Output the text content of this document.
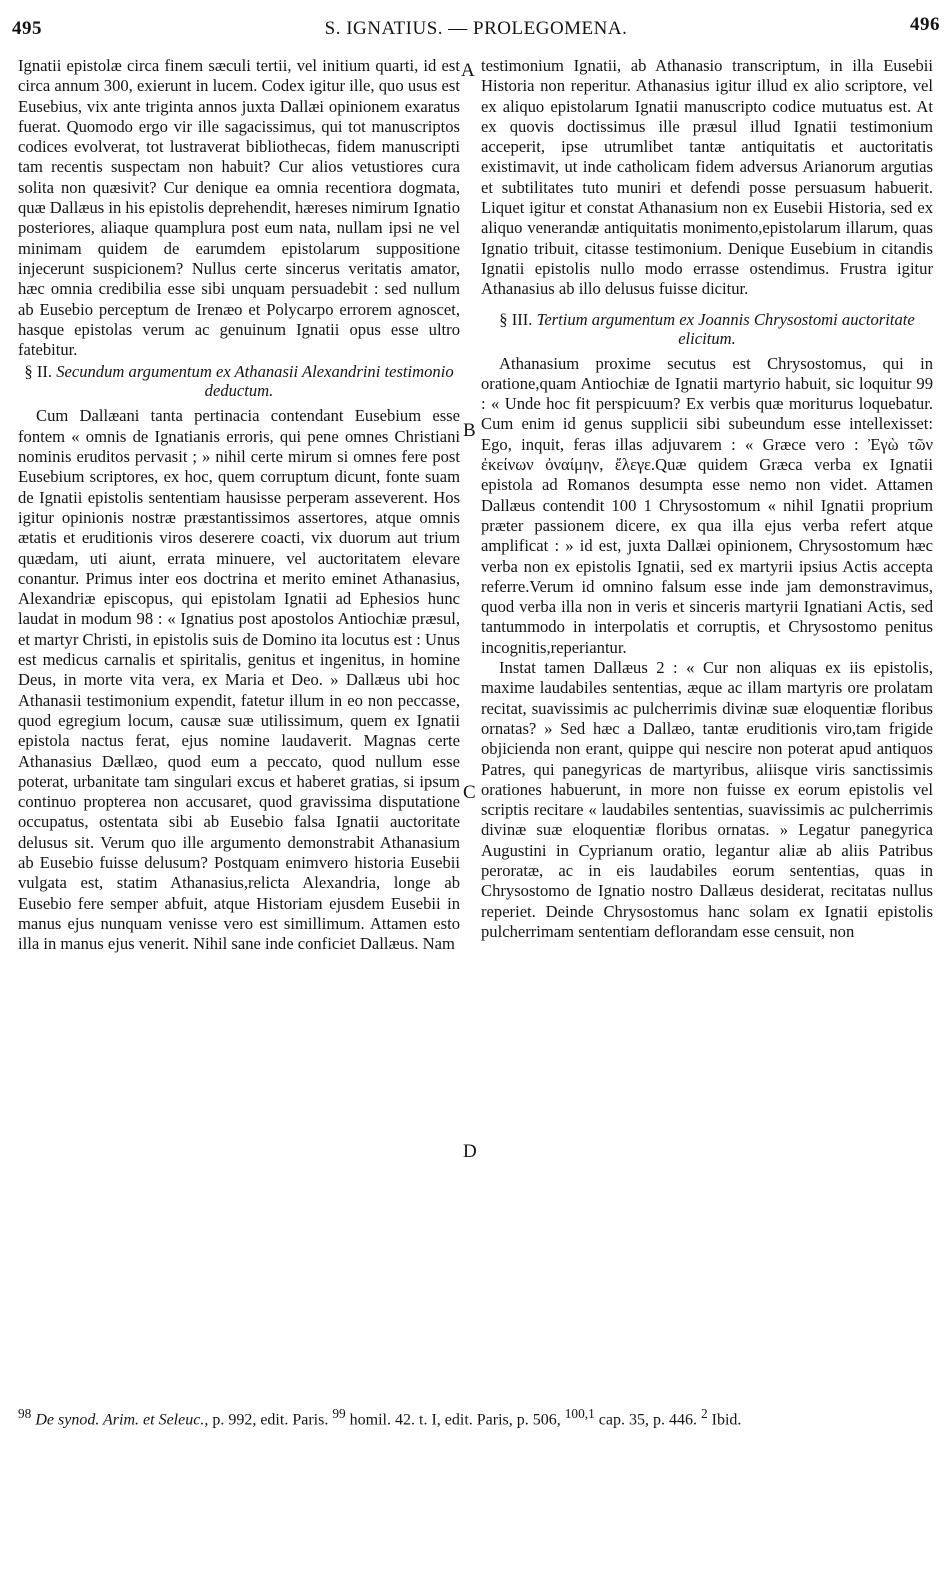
495	S. IGNATIUS. — PROLEGOMENA.	496

Ignatii epistolæ circa finem sæculi tertii, vel initium quarti, id est circa annum 300, exierunt in lucem. Codex igitur ille, quo usus est Eusebius, vix ante triginta annos juxta Dallæi opinionem exaratus fuerat. Quomodo ergo vir ille sagacissimus, qui tot manuscriptos codices evolverat, tot lustraverat bibliothecas, fidem manuscripti tam recentis suspectam non habuit? Cur alios vetustiores cura solita non quæsivit? Cur denique ea omnia recentiora dogmata, quæ Dallæus in his epistolis deprehendit, hæreses nimirum Ignatio posteriores, aliaque quamplura post eum nata, nullam ipsi ne vel minimam quidem de earumdem epistolarum suppositione injecerunt suspicionem? Nullus certe sincerus veritatis amator, hæc omnia credibilia esse sibi unquam persuadebit : sed nullum ab Eusebio perceptum de Irenæo et Polycarpo errorem agnoscet, hasque epistolas verum ac genuinum Ignatii opus esse ultro fatebitur.

§ II. Secundum argumentum ex Athanasii Alexandrini testimonio deductum.

Cum Dallæani tanta pertinacia contendant Eusebium esse fontem « omnis de Ignatianis erroris, qui pene omnes Christiani nominis eruditos pervasit ; » nihil certe mirum si omnes fere post Eusebium scriptores, ex hoc, quem corruptum dicunt, fonte suam de Ignatii epistolis sententiam hausisse perperam asseverent. Hos igitur opinionis nostræ præstantissimos assertores, atque omnis ætatis et eruditionis viros deserere coacti, vix duorum aut trium quædam, uti aiunt, errata minuere, vel auctoritatem elevare conantur. Primus inter eos doctrina et merito eminet Athanasius, Alexandriæ episcopus, qui epistolam Ignatii ad Ephesios hunc laudat in modum 98 : « Ignatius post apostolos Antiochiæ præsul, et martyr Christi, in epistolis suis de Domino ita locutus est : Unus est medicus carnalis et spiritalis, genitus et ingenitus, in homine Deus, in morte vita vera, ex Maria et Deo. » Dallæus ubi hoc Athanasii testimonium expendit, fatetur illum in eo non peccasse, quod egregium locum, causæ suæ utilissimum, quem ex Ignatii epistola nactus ferat, ejus nomine laudaverit. Magnas certe Athanasius Dællæo, quod eum a peccato, quod nullum esse poterat, urbanitate tam singulari excus et haberet gratias, si ipsum continuo propterea non accusaret, quod gravissima disputatione occupatus, ostentata sibi ab Eusebio falsa Ignatii auctoritate delusus sit. Verum quo ille argumento demonstrabit Athanasium ab Eusebio fuisse delusum? Postquam enimvero historia Eusebii vulgata est, statim Athanasius,relicta Alexandria, longe ab Eusebio fere semper abfuit, atque Historiam ejusdem Eusebii in manus ejus nunquam venisse vero est simillimum. Attamen esto illa in manus ejus venerit. Nihil sane inde conficiet Dallæus. Nam

A
B
C
D

testimonium Ignatii, ab Athanasio transcriptum, in illa Eusebii Historia non reperitur. Athanasius igitur illud ex alio scriptore, vel ex aliquo epistolarum Ignatii manuscripto codice mutuatus est. At ex quovis doctissimus ille præsul illud Ignatii testimonium acceperit, ipse utrumlibet tantæ antiquitatis et auctoritatis existimavit, ut inde catholicam fidem adversus Arianorum argutias et subtilitates tuto muniri et defendi posse persuasum habuerit. Liquet igitur et constat Athanasium non ex Eusebii Historia, sed ex aliquo venerandæ antiquitatis monimento,epistolarum illarum, quas Ignatio tribuit, citasse testimonium. Denique Eusebium in citandis Ignatii epistolis nullo modo errasse ostendimus. Frustra igitur Athanasius ab illo delusus fuisse dicitur.

§ III. Tertium argumentum ex Joannis Chrysostomi auctoritate elicitum.

Athanasium proxime secutus est Chrysostomus, qui in oratione,quam Antiochiæ de Ignatii martyrio habuit, sic loquitur 99 : « Unde hoc fit perspicuum? Ex verbis quæ moriturus loquebatur. Cum enim id genus supplicii sibi subeundum esse intellexisset: Ego, inquit, feras illas adjuvarem : « Græce vero : Ἐγὼ τῶν ἐκείνων ὀναίμην, ἔλεγε.Quæ quidem Græca verba ex Ignatii epistola ad Romanos desumpta esse nemo non videt. Attamen Dallæus contendit 100 1 Chrysostomum « nihil Ignatii proprium præter passionem dicere, ex qua illa ejus verba refert atque amplificat : » id est, juxta Dallæi opinionem, Chrysostomum hæc verba non ex epistolis Ignatii, sed ex martyrii ipsius Actis accepta referre.Verum id omnino falsum esse inde jam demonstravimus, quod verba illa non in veris et sinceris martyrii Ignatiani Actis, sed tantummodo in interpolatis et corruptis, et Chrysostomo penitus incognitis,reperiantur.

Instat tamen Dallæus 2 : « Cur non aliquas ex iis epistolis, maxime laudabiles sententias, æque ac illam martyris ore prolatam recitat, suavissimis ac pulcherrimis divinæ suæ eloquentiæ floribus ornatas? » Sed hæc a Dallæo, tantæ eruditionis viro,tam frigide objicienda non erant, quippe qui nescire non poterat apud antiquos Patres, qui panegyricas de martyribus, aliisque viris sanctissimis orationes habuerunt, in more non fuisse ex eorum epistolis vel scriptis recitare « laudabiles sententias, suavissimis ac pulcherrimis divinæ suæ eloquentiæ floribus ornatas. » Legatur panegyrica Augustini in Cyprianum oratio, legantur aliæ ab aliis Patribus peroratæ, ac in eis laudabiles eorum sententias, quas in Chrysostomo de Ignatio nostro Dallæus desiderat, recitatas nullus reperiet. Deinde Chrysostomus hanc solam ex Ignatii epistolis pulcherrimam sententiam deflorandam esse censuit, non

$^{98}$ De synod. Arim. et Seleuc., p. 992, edit. Paris. $^{99}$ homil. 42. t. I, edit. Paris, p. 506, $^{100,1}$ cap. 35, p. 446. $^2$ Ibid.
